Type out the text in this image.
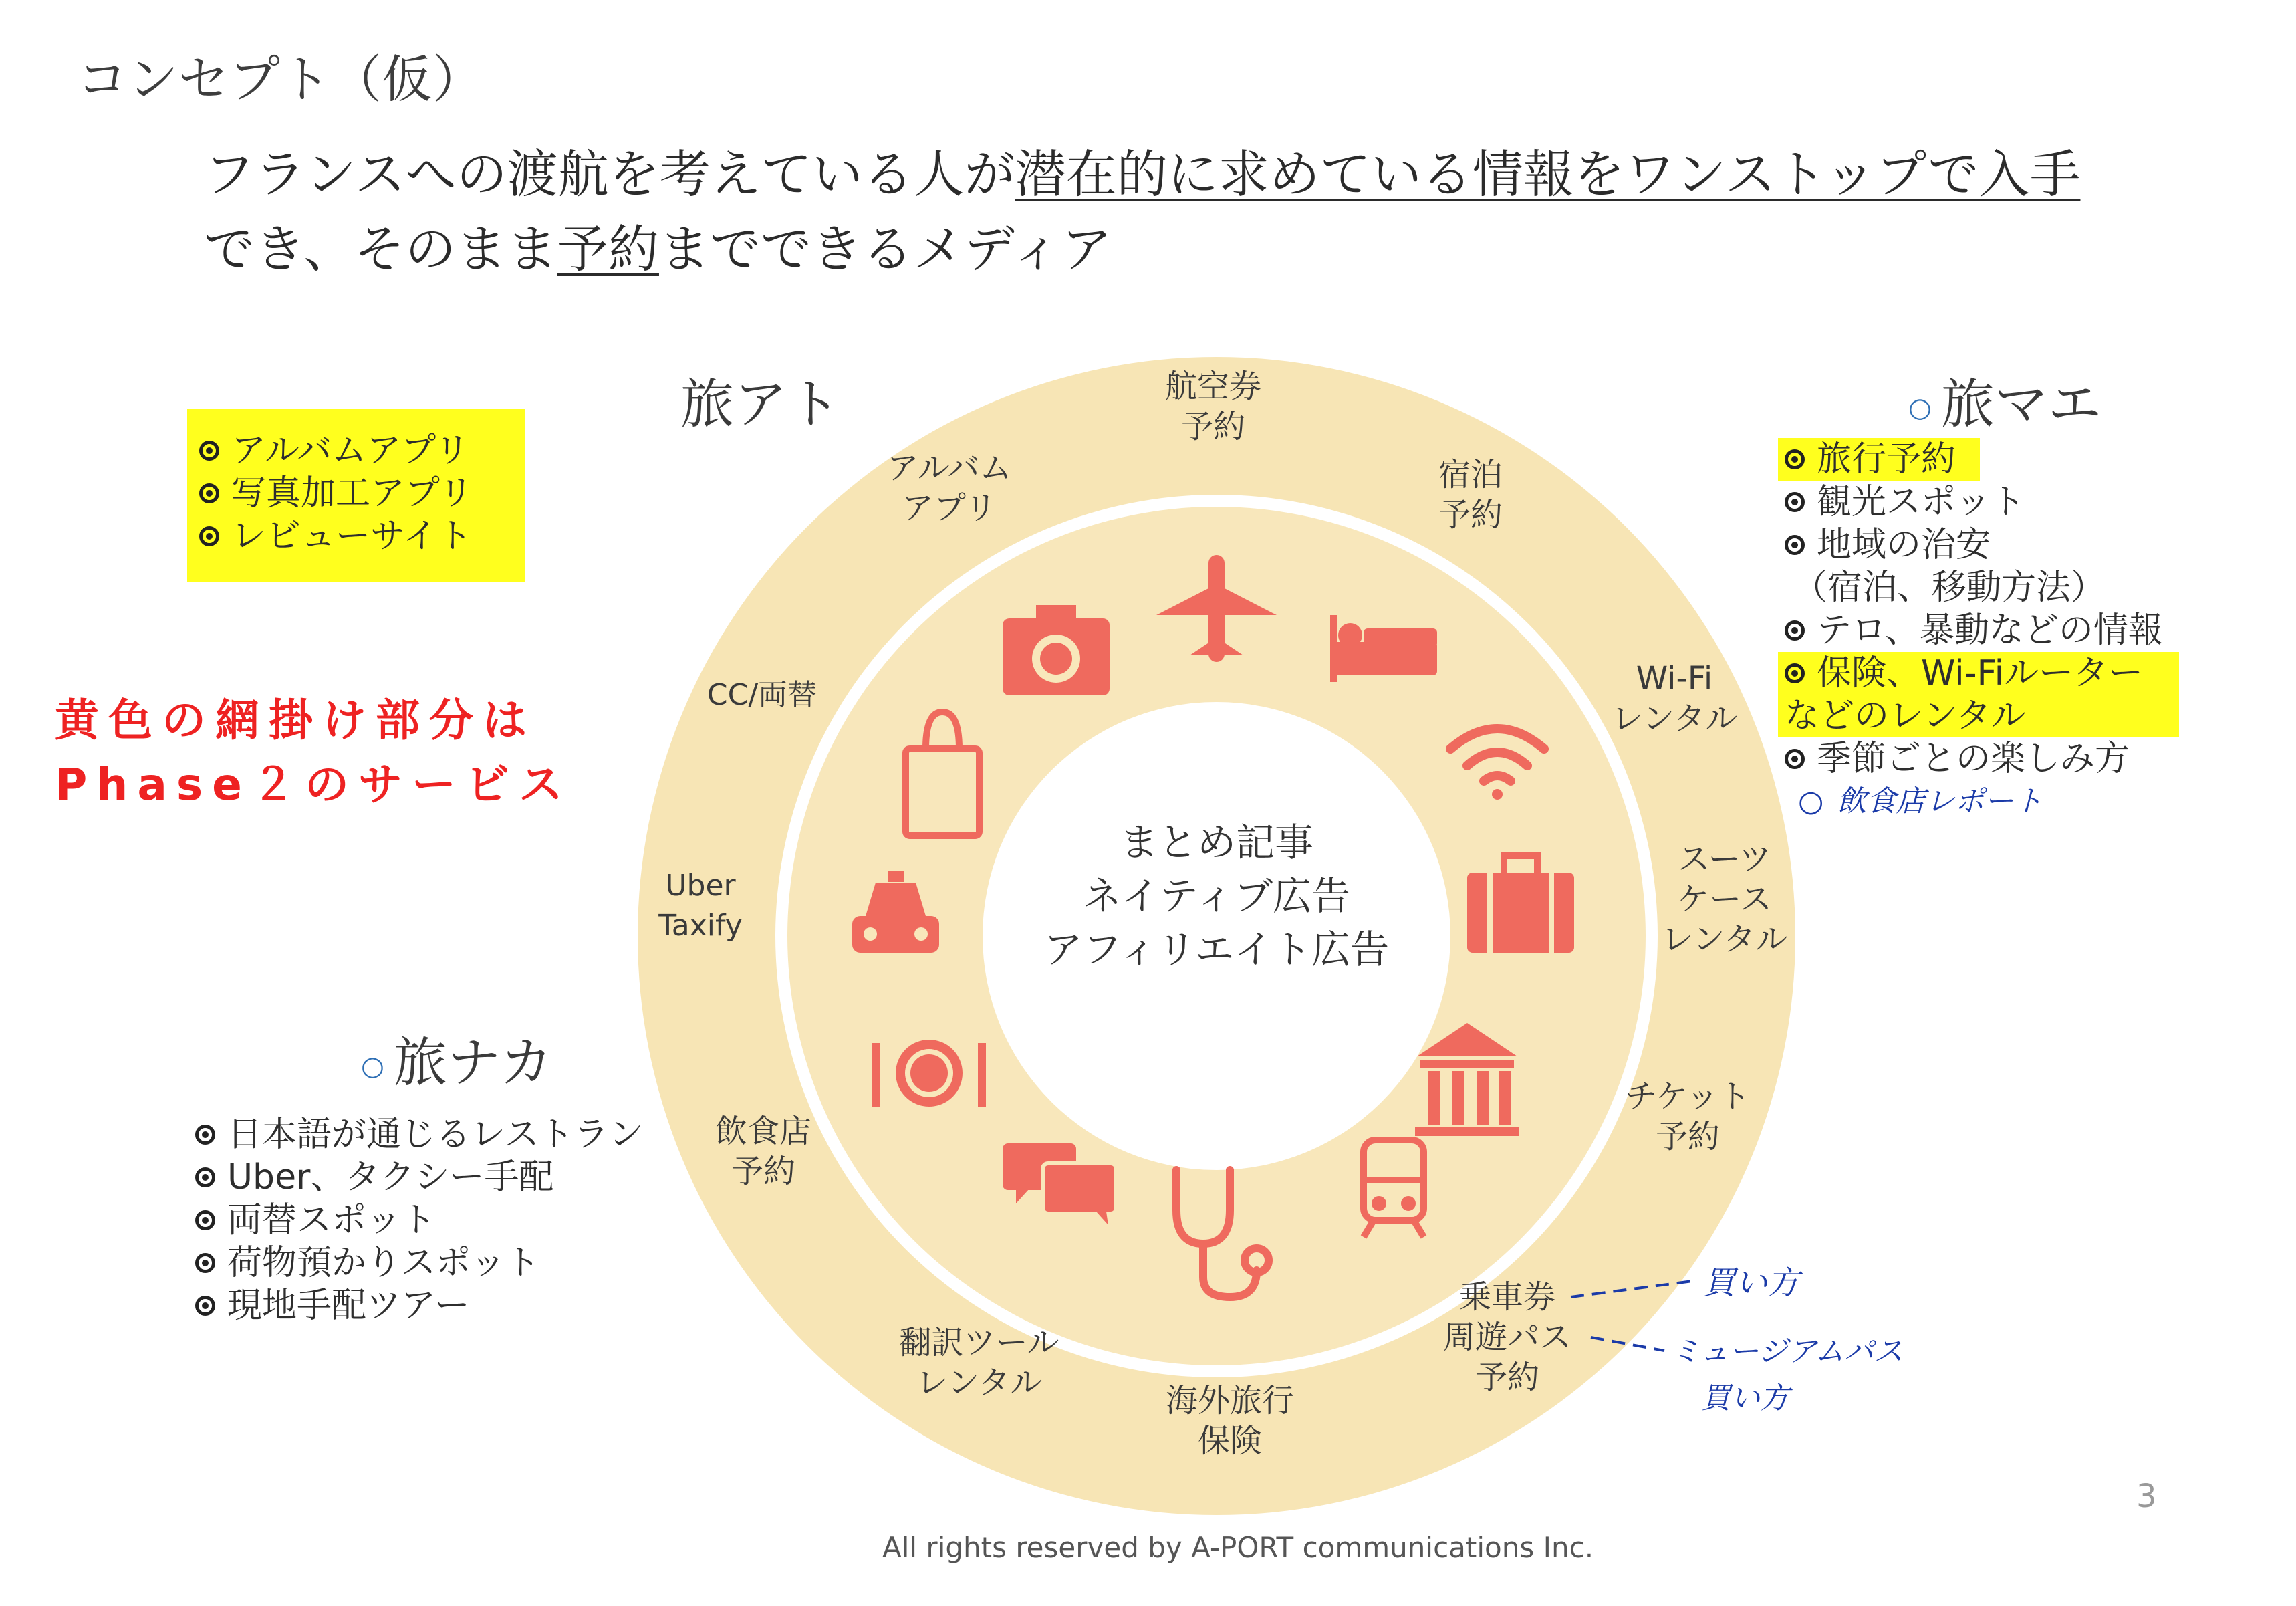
コンセプト（仮）
フランスへの渡航を考えている人が潜在的に求めている情報をワンストップで入手
でき、そのまま予約までできるメディア
まとめ記事
ネイティブ広告
アフィリエイト広告
航空券
予約
宿泊
予約
Wi-Fi
レンタル
スーツ
ケース
レンタル
チケット
予約
乗車券
周遊パス
予約
海外旅行
保険
翻訳ツール
レンタル
飲食店
予約
Uber
Taxify
CC/両替
アルバム
アプリ
旅アト
アルバムアプリ
写真加工アプリ
レビューサイト
黄色の網掛け部分は
Phase２のサービス
○ 旅マエ
旅行予約
観光スポット
地域の治安
（宿泊、移動方法）
テロ、暴動などの情報
保険、Wi-Fiルーター
などのレンタル
季節ごとの楽しみ方
○ 飲食店レポート
○ 旅ナカ
日本語が通じるレストラン
Uber、タクシー手配
両替スポット
荷物預かりスポット
現地手配ツアー
買い方
ミュージアムパス
買い方
All rights reserved by A-PORT communications Inc.
3
